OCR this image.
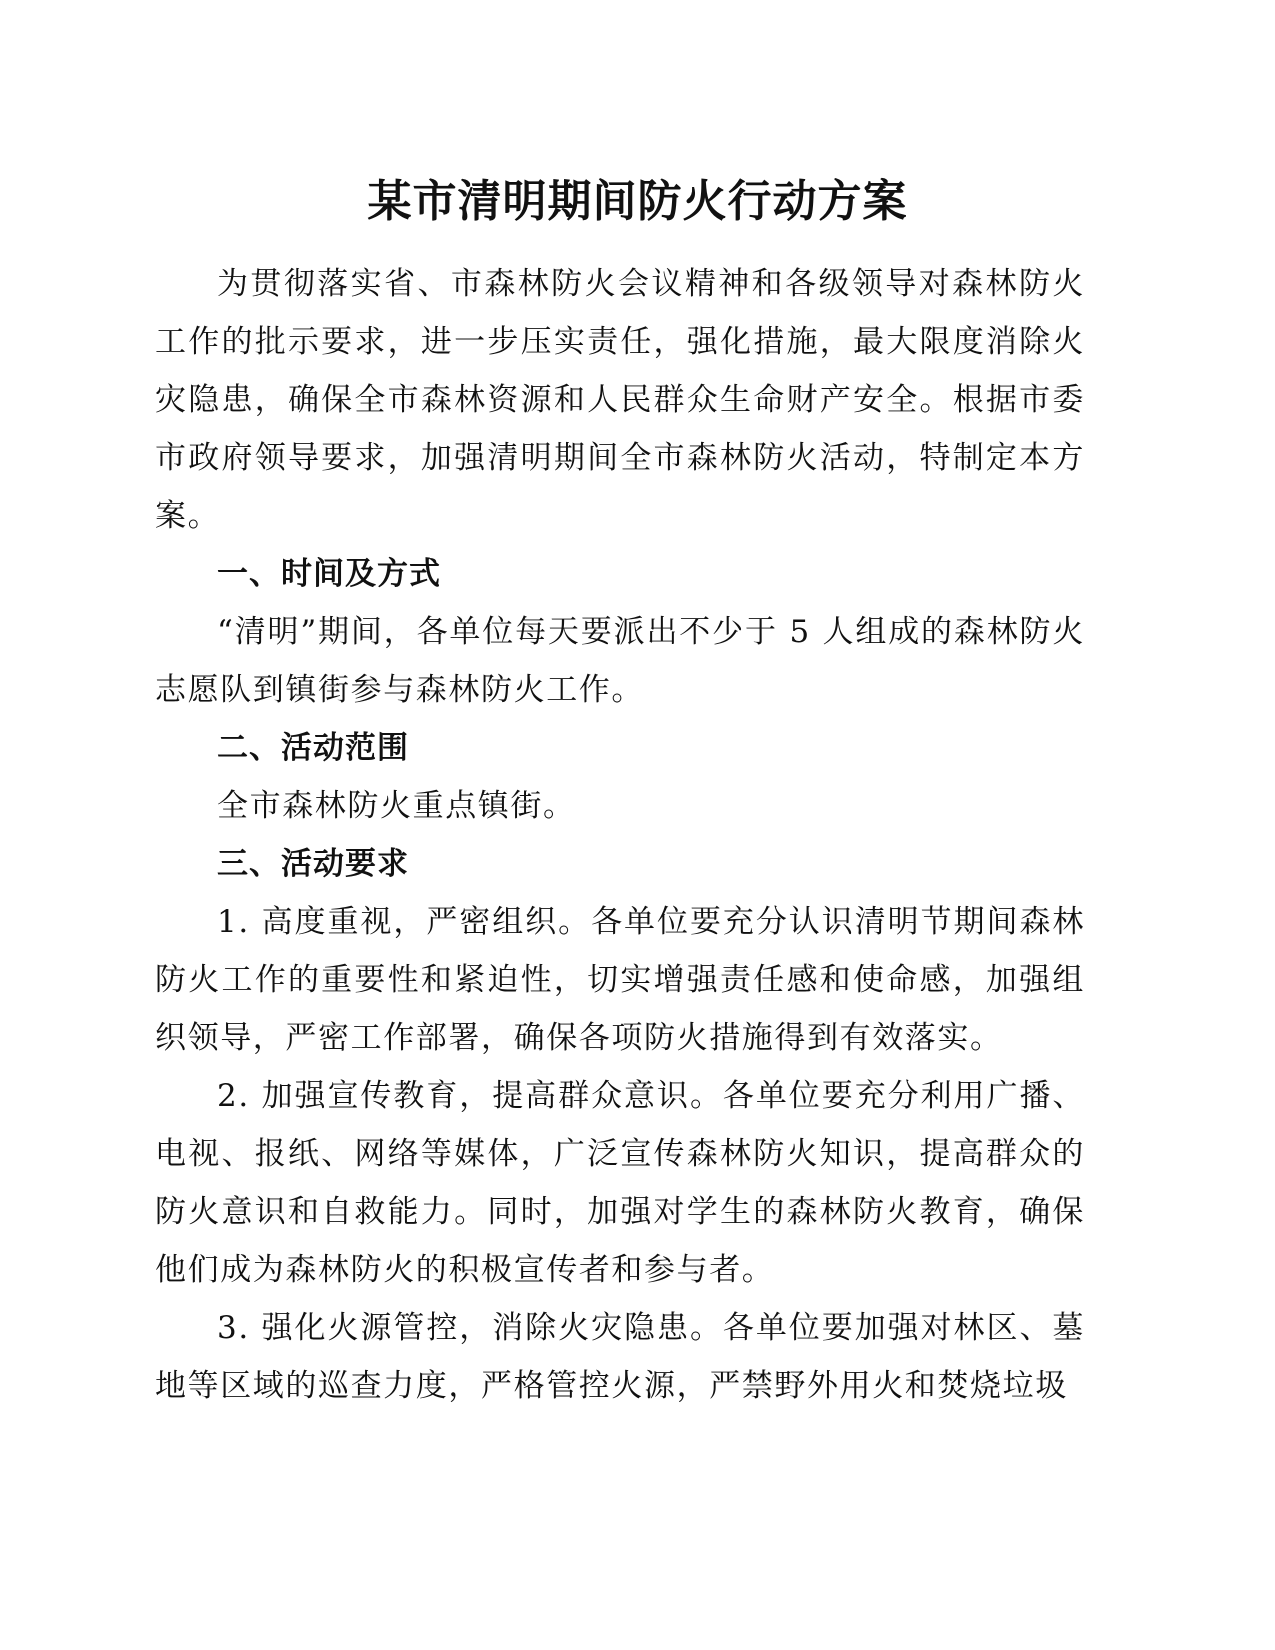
某市清明期间防火行动方案

为贯彻落实省、市森林防火会议精神和各级领导对森林防火工作的批示要求，进一步压实责任，强化措施，最大限度消除火灾隐患，确保全市森林资源和人民群众生命财产安全。根据市委市政府领导要求，加强清明期间全市森林防火活动，特制定本方案。

一、时间及方式

“清明”期间，各单位每天要派出不少于 5 人组成的森林防火志愿队到镇街参与森林防火工作。

二、活动范围

全市森林防火重点镇街。

三、活动要求

1. 高度重视，严密组织。各单位要充分认识清明节期间森林防火工作的重要性和紧迫性，切实增强责任感和使命感，加强组织领导，严密工作部署，确保各项防火措施得到有效落实。

2. 加强宣传教育，提高群众意识。各单位要充分利用广播、电视、报纸、网络等媒体，广泛宣传森林防火知识，提高群众的防火意识和自救能力。同时，加强对学生的森林防火教育，确保他们成为森林防火的积极宣传者和参与者。

3. 强化火源管控，消除火灾隐患。各单位要加强对林区、墓地等区域的巡查力度，严格管控火源，严禁野外用火和焚烧垃圾
